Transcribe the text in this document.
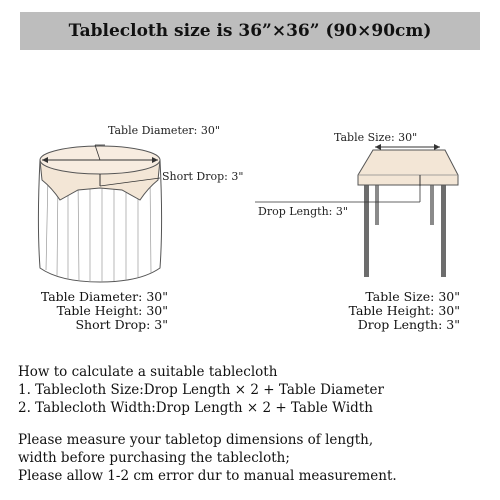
Tablecloth size is 36”×36” (90×90cm)
Table Diameter: 30"
Short Drop: 3"
Table Size: 30"
Drop Length: 3"
Table Diameter: 30"
Table Height: 30"
Short Drop: 3"
Table Size: 30"
Table Height: 30"
Drop Length: 3"
How to calculate a suitable tablecloth
1. Tablecloth Size:Drop Length × 2 + Table Diameter
2. Tablecloth Width:Drop Length × 2 + Table Width
Please measure your tabletop dimensions of length,
width before purchasing the tablecloth;
Please allow 1-2 cm error dur to manual measurement.
